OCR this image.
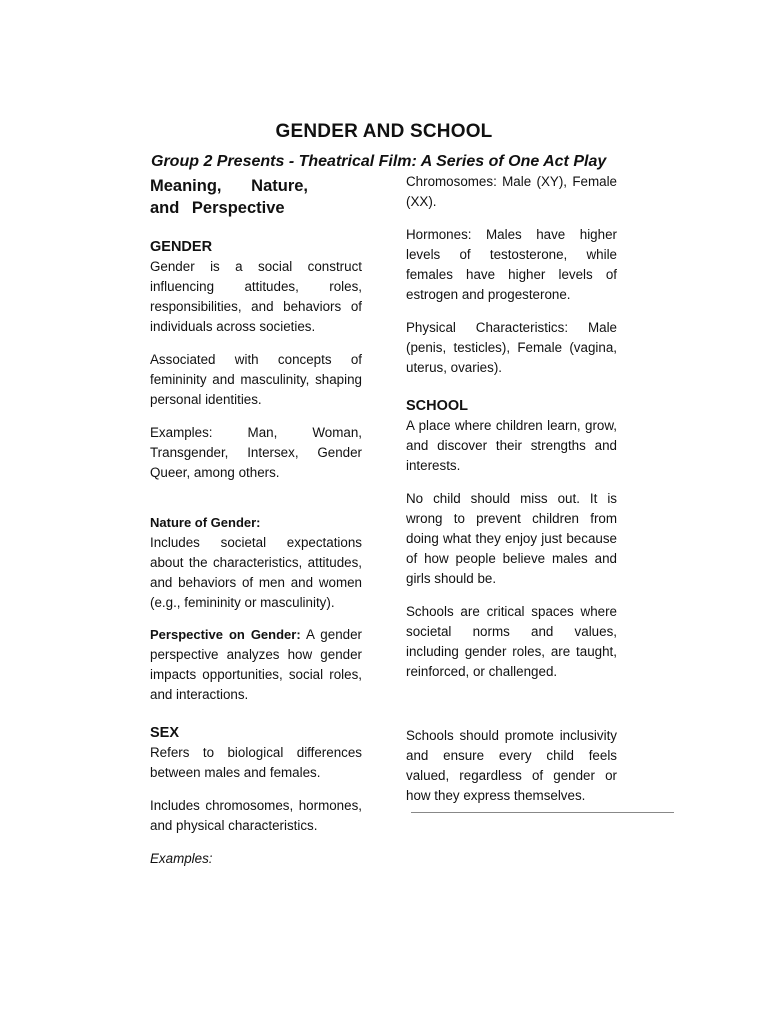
GENDER AND SCHOOL
Group 2 Presents - Theatrical Film: A Series of One Act Play
Meaning, Nature, and Perspective
GENDER

Gender is a social construct influencing attitudes, roles, responsibilities, and behaviors of individuals across societies.

Associated with concepts of femininity and masculinity, shaping personal identities.

Examples: Man, Woman, Transgender, Intersex, Gender Queer, among others.

Nature of Gender:

Includes societal expectations about the characteristics, attitudes, and behaviors of men and women (e.g., femininity or masculinity).

Perspective on Gender: A gender perspective analyzes how gender impacts opportunities, social roles, and interactions.

SEX

Refers to biological differences between males and females.

Includes chromosomes, hormones, and physical characteristics.

Examples:

Chromosomes: Male (XY), Female (XX).

Hormones: Males have higher levels of testosterone, while females have higher levels of estrogen and progesterone.

Physical Characteristics: Male (penis, testicles), Female (vagina, uterus, ovaries).

SCHOOL

A place where children learn, grow, and discover their strengths and interests.

No child should miss out. It is wrong to prevent children from doing what they enjoy just because of how people believe males and girls should be.

Schools are critical spaces where societal norms and values, including gender roles, are taught, reinforced, or challenged.

Schools should promote inclusivity and ensure every child feels valued, regardless of gender or how they express themselves.
